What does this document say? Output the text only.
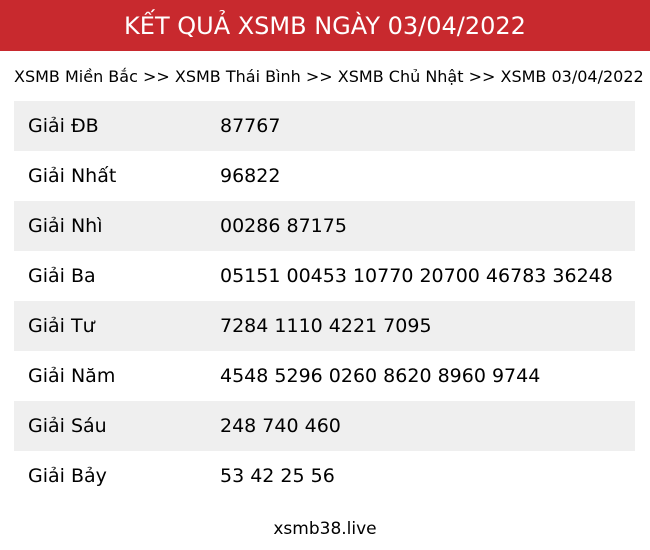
KẾT QUẢ XSMB NGÀY 03/04/2022
XSMB Miền Bắc >> XSMB Thái Bình >> XSMB Chủ Nhật >> XSMB 03/04/2022
Giải ĐB	87767
Giải Nhất	96822
Giải Nhì	00286 87175
Giải Ba	05151 00453 10770 20700 46783 36248
Giải Tư	7284 1110 4221 7095
Giải Năm	4548 5296 0260 8620 8960 9744
Giải Sáu	248 740 460
Giải Bảy	53 42 25 56
xsmb38.live
